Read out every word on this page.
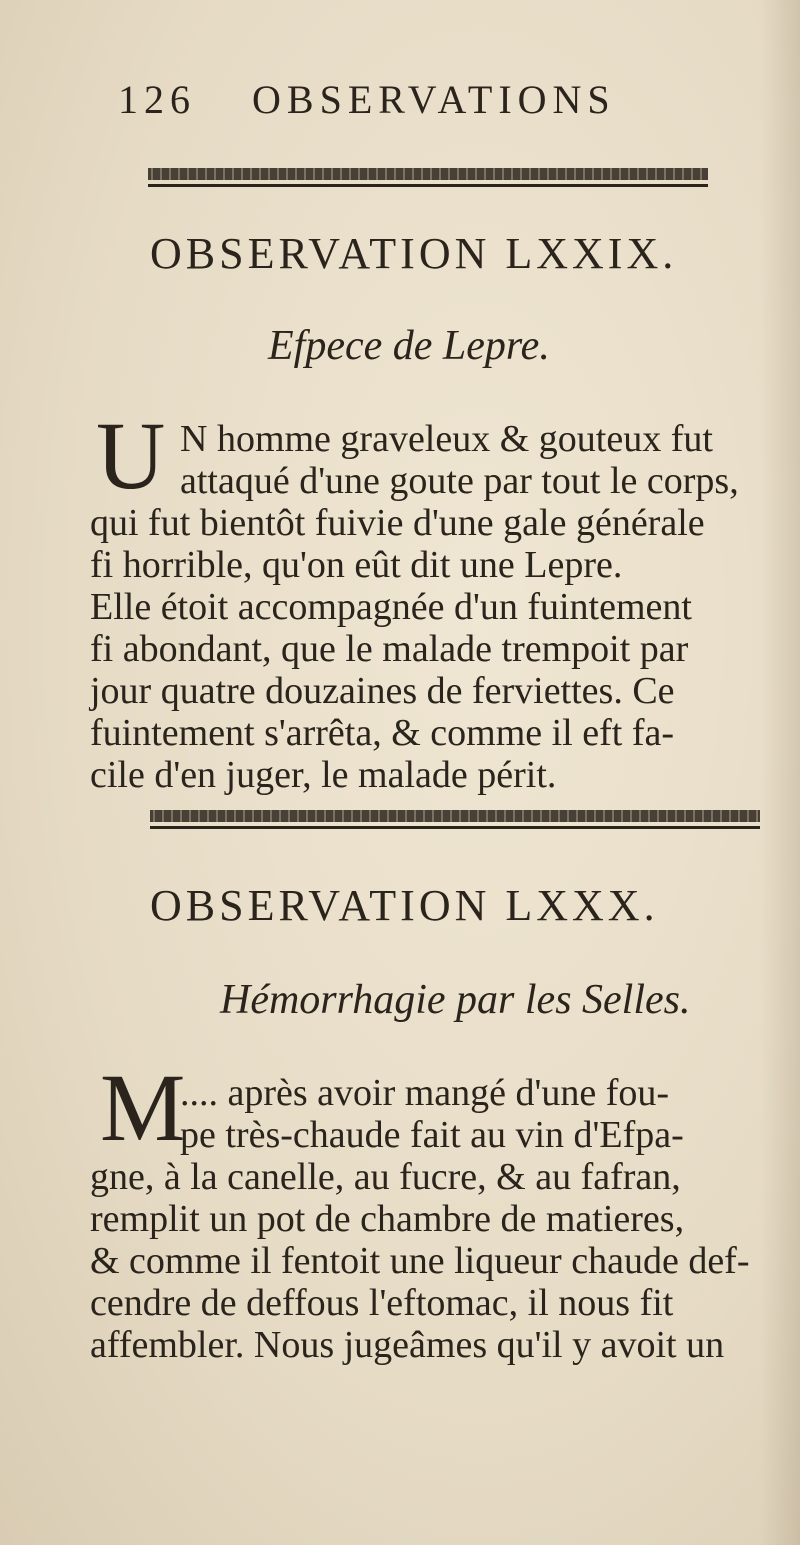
126 OBSERVATIONS
OBSERVATION LXXIX.
Efpece de Lepre.
U N homme graveleux & gouteux fut
attaqué d'une goute par tout le corps,
qui fut bientôt fuivie d'une gale générale
fi horrible, qu'on eût dit une Lepre.
Elle étoit accompagnée d'un fuintement
fi abondant, que le malade trempoit par
jour quatre douzaines de ferviettes. Ce
fuintement s'arrêta, & comme il eft fa-
cile d'en juger, le malade périt.
OBSERVATION LXXX.
Hémorrhagie par les Selles.
M
.... après avoir mangé d'une fou-
pe très-chaude fait au vin d'Efpa-
gne, à la canelle, au fucre, & au fafran,
remplit un pot de chambre de matieres,
& comme il fentoit une liqueur chaude def-
cendre de deffous l'eftomac, il nous fit
affembler. Nous jugeâmes qu'il y avoit un
